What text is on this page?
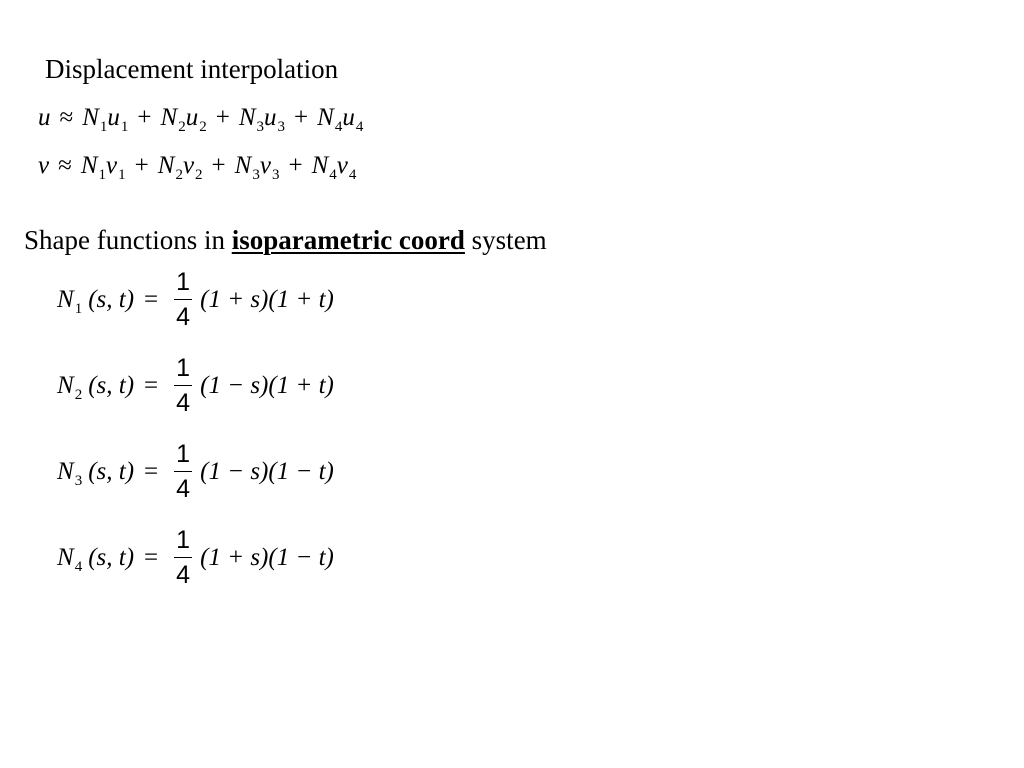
Displacement interpolation
u ≈ N 1 u 1 + N 2 u 2 + N 3 u 3 + N 4 u 4
v ≈ N 1 v 1 + N 2 v 2 + N 3 v 3 + N 4 v 4
Shape functions in isoparametric coord system
N 1 (s, $t) = \frac{1}{4} (1 + s) (1 + t)$
N 2 (s, $t) = \frac{1}{4} (1 - s) (1 + t)$
N 3 (s, $t) = \frac{1}{4} (1 - s) (1 - t)$
N 4 (s, $t) = \frac{1}{4} (1 + s) (1 - t)$
